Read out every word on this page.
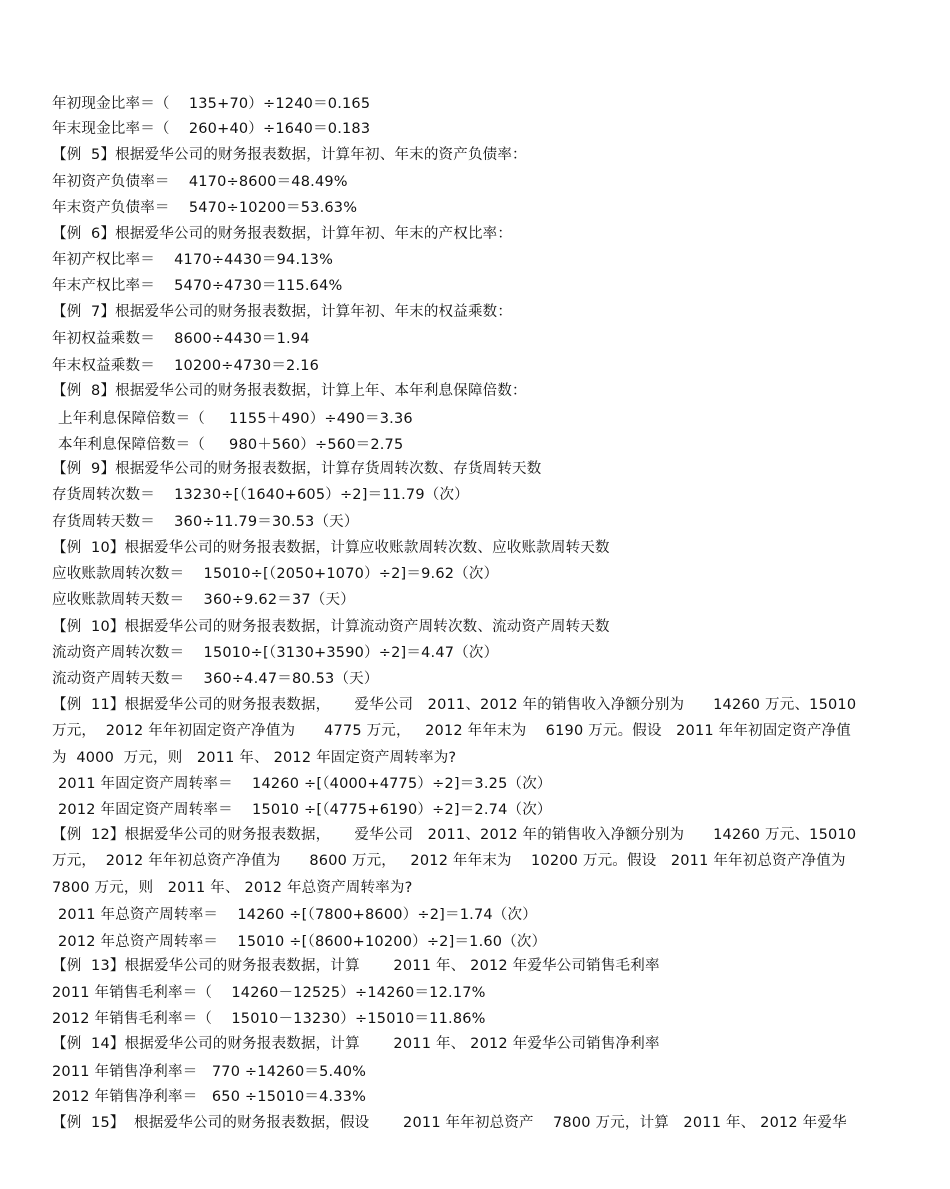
年初现金比率＝（    135+70）÷1240＝0.165
年末现金比率＝（    260+40）÷1640＝0.183
【例  5】根据爱华公司的财务报表数据，计算年初、年末的资产负债率：
年初资产负债率＝    4170÷8600＝48.49%
年末资产负债率＝    5470÷10200＝53.63%
【例  6】根据爱华公司的财务报表数据，计算年初、年末的产权比率：
年初产权比率＝    4170÷4430＝94.13%
年末产权比率＝    5470÷4730＝115.64%
【例  7】根据爱华公司的财务报表数据，计算年初、年末的权益乘数：
年初权益乘数＝    8600÷4430＝1.94
年末权益乘数＝    10200÷4730＝2.16
【例  8】根据爱华公司的财务报表数据，计算上年、本年利息保障倍数：
上年利息保障倍数＝（     1155＋490）÷490＝3.36
本年利息保障倍数＝（     980＋560）÷560＝2.75
【例  9】根据爱华公司的财务报表数据，计算存货周转次数、存货周转天数
存货周转次数＝    13230÷[（1640+605）÷2]＝11.79（次）
存货周转天数＝    360÷11.79＝30.53（天）
【例  10】根据爱华公司的财务报表数据，计算应收账款周转次数、应收账款周转天数
应收账款周转次数＝    15010÷[（2050+1070）÷2]＝9.62（次）
应收账款周转天数＝    360÷9.62＝37（天）
【例  10】根据爱华公司的财务报表数据，计算流动资产周转次数、流动资产周转天数
流动资产周转次数＝    15010÷[（3130+3590）÷2]＝4.47（次）
流动资产周转天数＝    360÷4.47＝80.53（天）
【例  11】根据爱华公司的财务报表数据，     爱华公司   2011、2012 年的销售收入净额分别为      14260 万元、15010
万元，  2012 年年初固定资产净值为      4775 万元，   2012 年年末为    6190 万元。假设   2011 年年初固定资产净值
为  4000  万元，则   2011 年、 2012 年固定资产周转率为?
2011 年固定资产周转率＝    14260 ÷[（4000+4775）÷2]＝3.25（次）
2012 年固定资产周转率＝    15010 ÷[（4775+6190）÷2]＝2.74（次）
【例  12】根据爱华公司的财务报表数据，     爱华公司   2011、2012 年的销售收入净额分别为      14260 万元、15010
万元，  2012 年年初总资产净值为      8600 万元，   2012 年年末为    10200 万元。假设   2011 年年初总资产净值为
7800 万元，则   2011 年、 2012 年总资产周转率为?
2011 年总资产周转率＝    14260 ÷[（7800+8600）÷2]＝1.74（次）
2012 年总资产周转率＝    15010 ÷[（8600+10200）÷2]＝1.60（次）
【例  13】根据爱华公司的财务报表数据，计算       2011 年、 2012 年爱华公司销售毛利率
2011 年销售毛利率＝（    14260－12525）÷14260＝12.17%
2012 年销售毛利率＝（    15010－13230）÷15010＝11.86%
【例  14】根据爱华公司的财务报表数据，计算       2011 年、 2012 年爱华公司销售净利率
2011 年销售净利率＝   770 ÷14260＝5.40%
2012 年销售净利率＝   650 ÷15010＝4.33%
【例  15】  根据爱华公司的财务报表数据，假设       2011 年年初总资产    7800 万元，计算   2011 年、 2012 年爱华
